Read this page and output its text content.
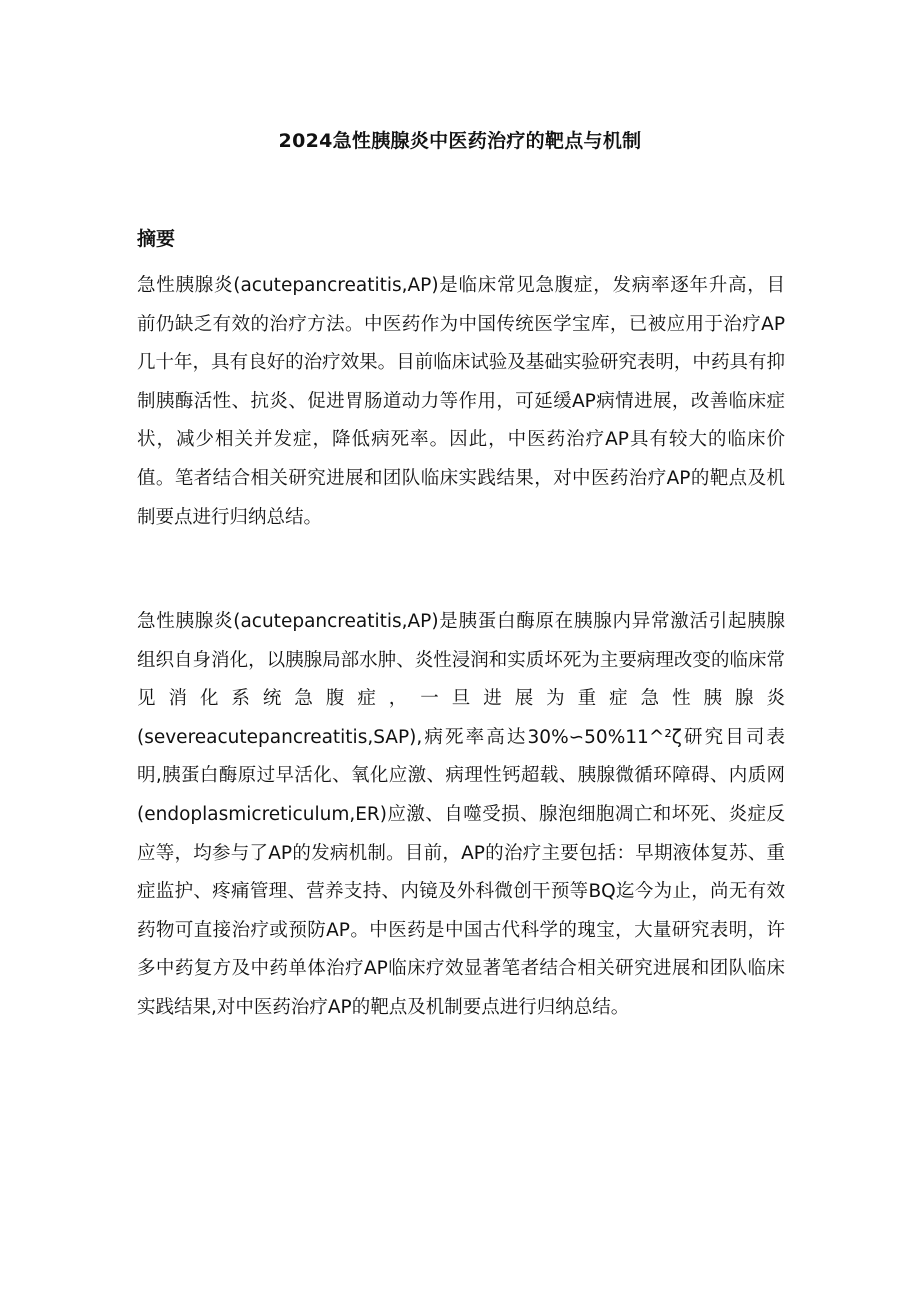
2024急性胰腺炎中医药治疗的靶点与机制
摘要

急性胰腺炎(acutepancreatitis,AP)是临床常见急腹症，发病率逐年升高，目前仍缺乏有效的治疗方法。中医药作为中国传统医学宝库，已被应用于治疗AP几十年，具有良好的治疗效果。目前临床试验及基础实验研究表明，中药具有抑制胰酶活性、抗炎、促进胃肠道动力等作用，可延缓AP病情进展，改善临床症状，减少相关并发症，降低病死率。因此，中医药治疗AP具有较大的临床价值。笔者结合相关研究进展和团队临床实践结果，对中医药治疗AP的靶点及机制要点进行归纳总结。

急性胰腺炎(acutepancreatitis,AP)是胰蛋白酶原在胰腺内异常激活引起胰腺组织自身消化，以胰腺局部水肿、炎性浸润和实质坏死为主要病理改变的临床常见消化系统急腹症，一旦进展为重症急性胰腺炎(severeacutepancreatitis,SAP),病死率高达30%∽50%11^²ζ研究目司表明,胰蛋白酶原过早活化、氧化应激、病理性钙超载、胰腺微循环障碍、内质网(endoplasmicreticulum,ER)应激、自噬受损、腺泡细胞凋亡和坏死、炎症反应等，均参与了AP的发病机制。目前，AP的治疗主要包括：早期液体复苏、重症监护、疼痛管理、营养支持、内镜及外科微创干预等BQ迄今为止，尚无有效药物可直接治疗或预防AP。中医药是中国古代科学的瑰宝，大量研究表明，许多中药复方及中药单体治疗AP临床疗效显著笔者结合相关研究进展和团队临床实践结果,对中医药治疗AP的靶点及机制要点进行归纳总结。
